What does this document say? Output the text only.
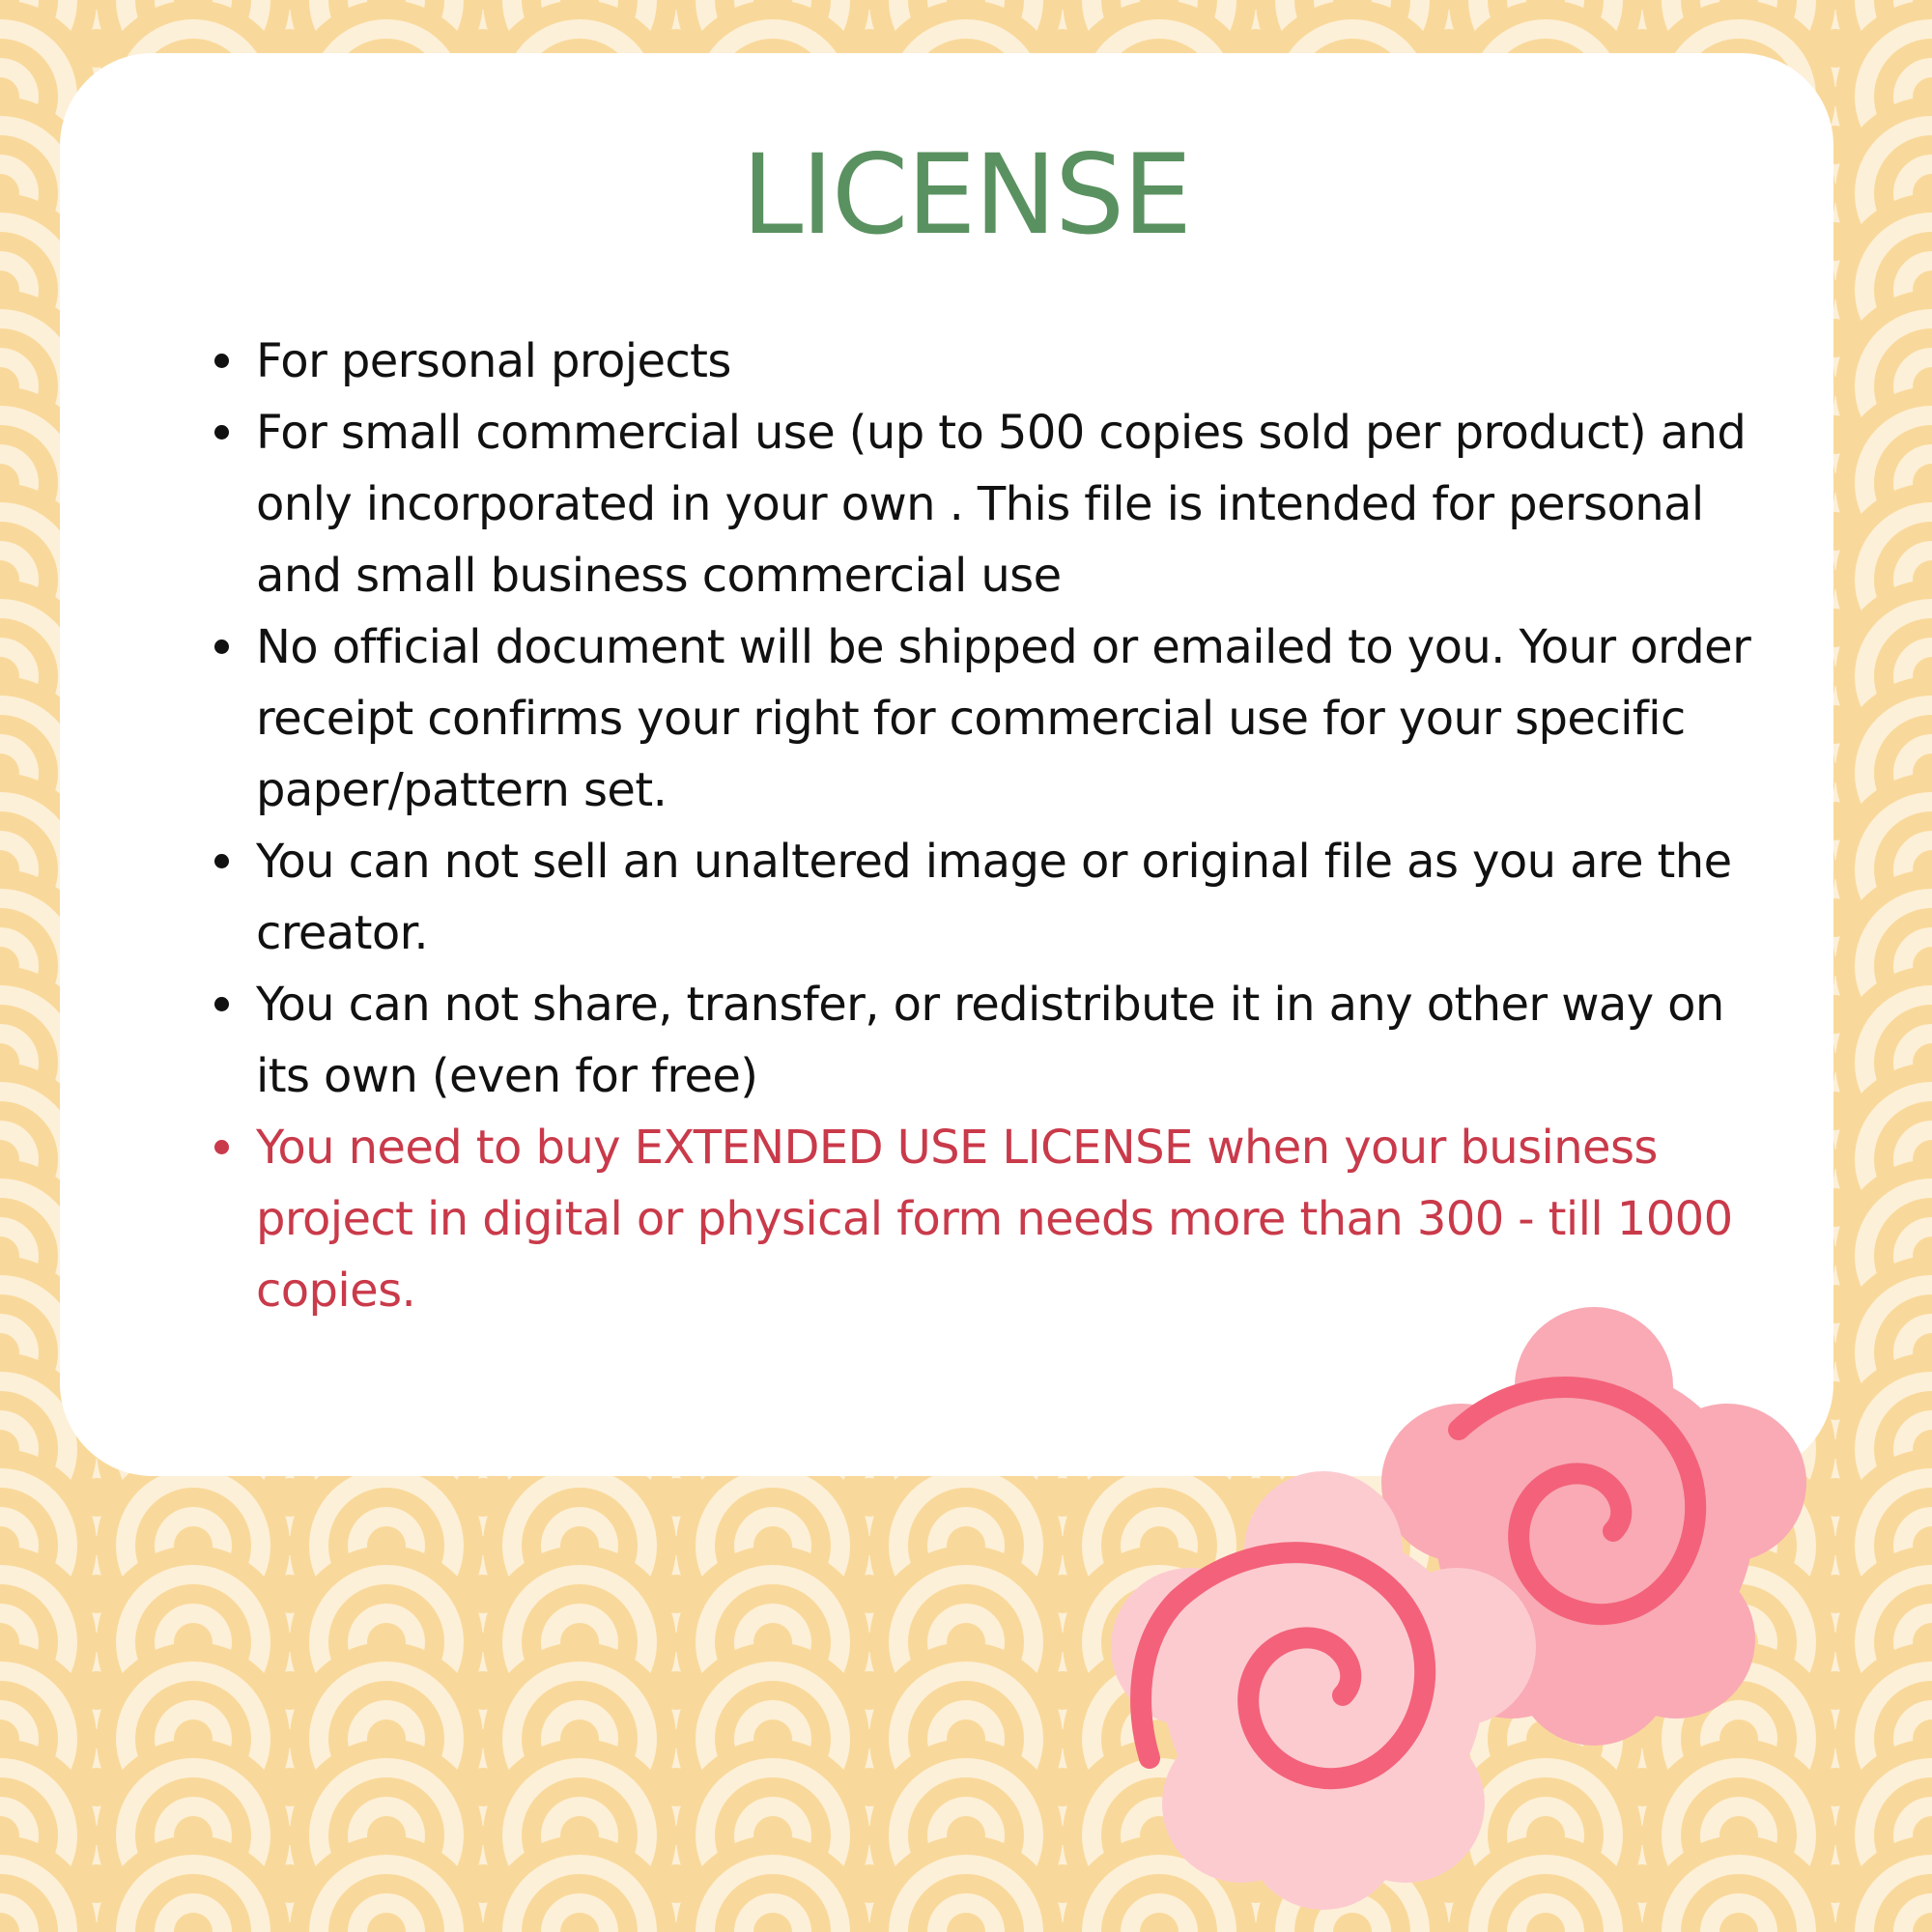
LICENSE
For personal projects
For small commercial use (up to 500 copies sold per product) and only incorporated in your own . This file is intended for personal and small business commercial use
No official document will be shipped or emailed to you. Your order receipt confirms your right for commercial use for your specific paper/pattern set.
You can not sell an unaltered image or original file as you are the creator.
You can not share, transfer, or redistribute it in any other way on its own (even for free)
You need to buy EXTENDED USE LICENSE when your business project in digital or physical form needs more than 300 - till 1000 copies.
